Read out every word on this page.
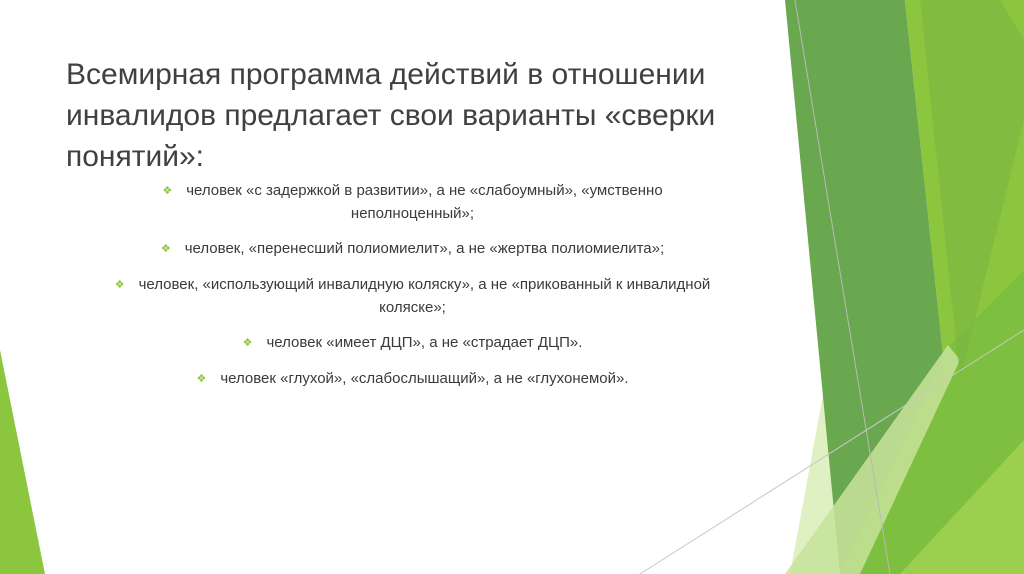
Всемирная программа действий в отношении инвалидов предлагает свои варианты «сверки понятий»:
❖ человек «с задержкой в развитии», а не «слабоумный», «умственно неполноценный»;
❖ человек, «перенесший полиомиелит», а не «жертва полиомиелита»;
❖ человек, «использующий инвалидную коляску», а не «прикованный к инвалидной коляске»;
❖ человек «имеет ДЦП», а не «страдает ДЦП».
❖ человек «глухой», «слабослышащий», а не «глухонемой».
